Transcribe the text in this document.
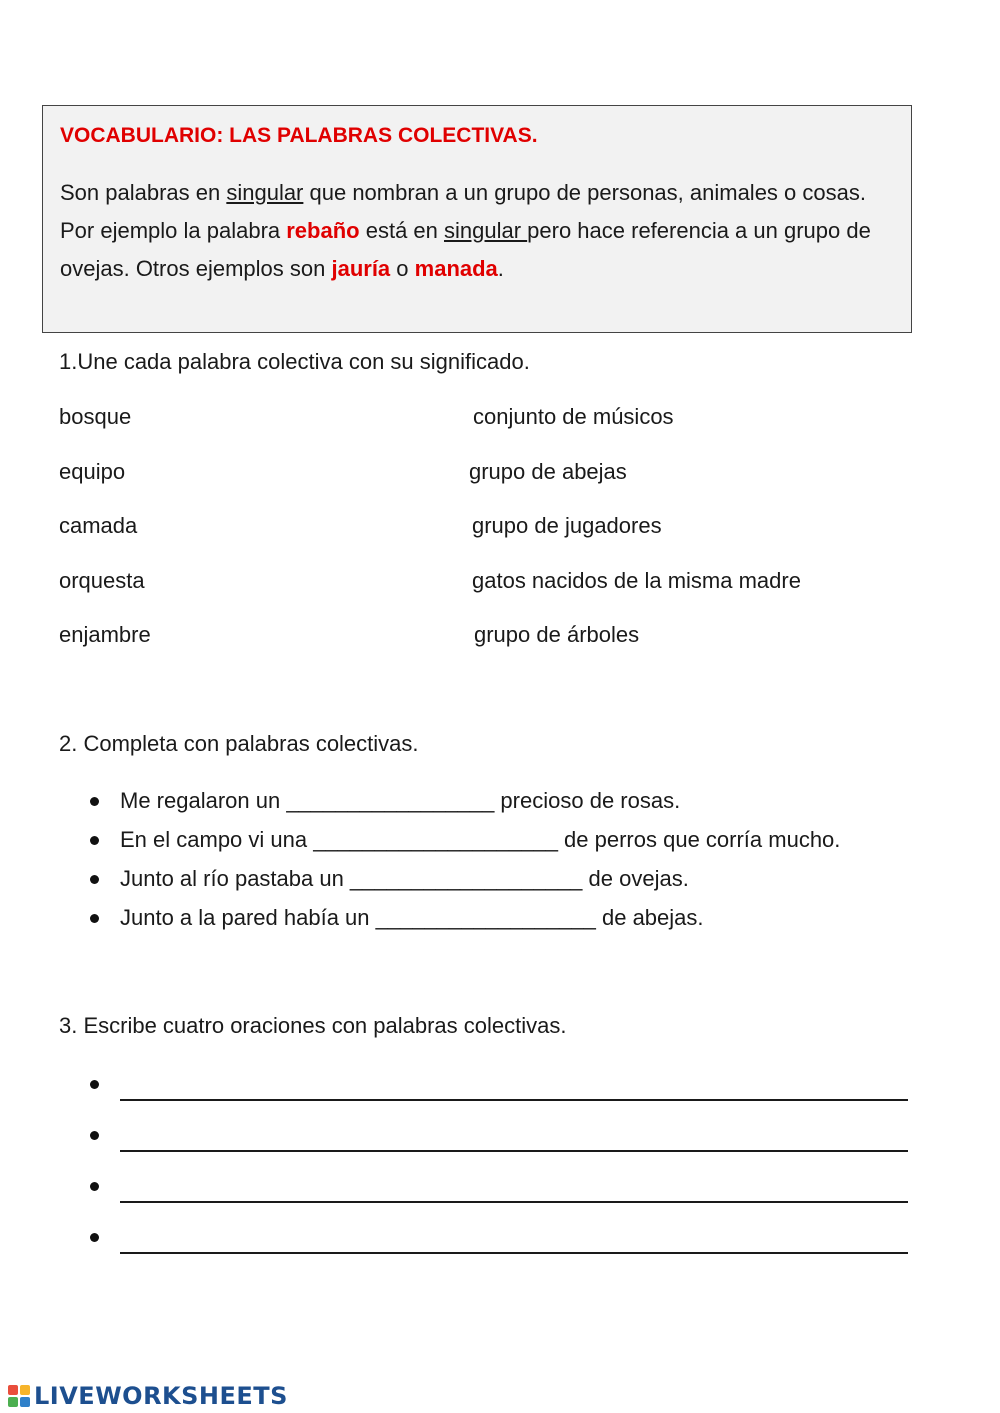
VOCABULARIO: LAS PALABRAS COLECTIVAS.
Son palabras en singular que nombran a un grupo de personas, animales o cosas. Por ejemplo la palabra rebaño está en singular pero hace referencia a un grupo de ovejas. Otros ejemplos son jauría o manada.
1.Une cada palabra colectiva con su significado.
bosque
equipo
camada
orquesta
enjambre
conjunto de músicos
grupo de abejas
grupo de jugadores
gatos nacidos de la misma madre
grupo de árboles
2. Completa con palabras colectivas.
Me regalaron un _________________ precioso de rosas.
En el campo vi una ____________________ de perros que corría mucho.
Junto al río pastaba un ___________________ de ovejas.
Junto a la pared había un __________________ de abejas.
3. Escribe cuatro oraciones con palabras colectivas.
LIVEWORKSHEETS
